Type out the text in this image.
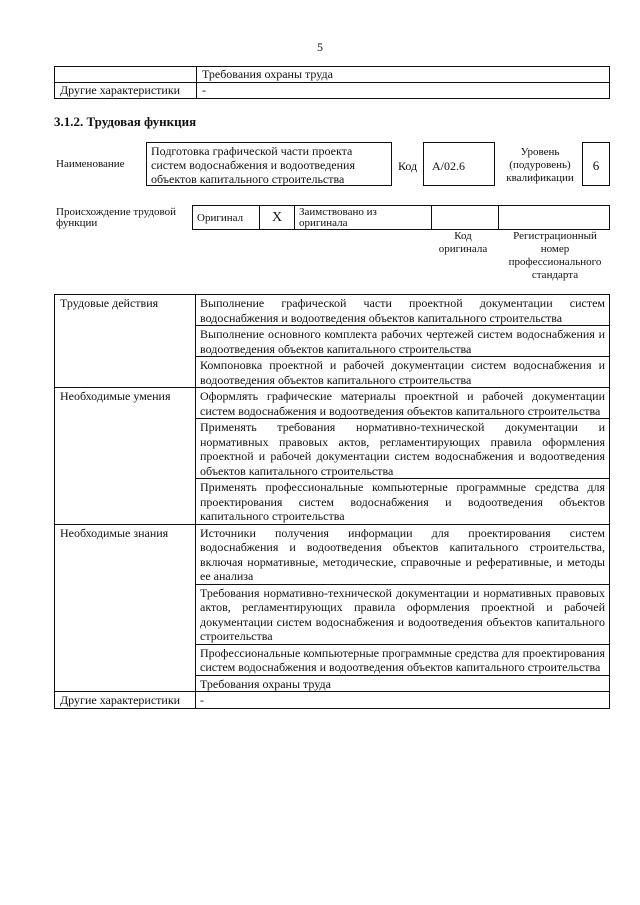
5
	Требования охраны труда
Другие характеристики	-
3.1.2. Трудовая функция
Наименование
Подготовка графической части проекта систем водоснабжения и водоотведения объектов капитального строительства
Код	A/02.6
Уровень (подуровень) квалификации
6
Происхождение трудовой функции	Оригинал	X	Заимствовано из оригинала		
Код оригинала
Регистрационный номер профессионального стандарта
Трудовые действия	Выполнение графической части проектной документации систем водоснабжения и водоотведения объектов капитального строительства
	Выполнение основного комплекта рабочих чертежей систем водоснабжения и водоотведения объектов капитального строительства
	Компоновка проектной и рабочей документации систем водоснабжения и водоотведения объектов капитального строительства
Необходимые умения	Оформлять графические материалы проектной и рабочей документации систем водоснабжения и водоотведения объектов капитального строительства
	Применять требования нормативно-технической документации и нормативных правовых актов, регламентирующих правила оформления проектной и рабочей документации систем водоснабжения и водоотведения объектов капитального строительства
	Применять профессиональные компьютерные программные средства для проектирования систем водоснабжения и водоотведения объектов капитального строительства
Необходимые знания	Источники получения информации для проектирования систем водоснабжения и водоотведения объектов капитального строительства, включая нормативные, методические, справочные и реферативные, и методы ее анализа
	Требования нормативно-технической документации и нормативных правовых актов, регламентирующих правила оформления проектной и рабочей документации систем водоснабжения и водоотведения объектов капитального строительства
	Профессиональные компьютерные программные средства для проектирования систем водоснабжения и водоотведения объектов капитального строительства
	Требования охраны труда
Другие характеристики	-
